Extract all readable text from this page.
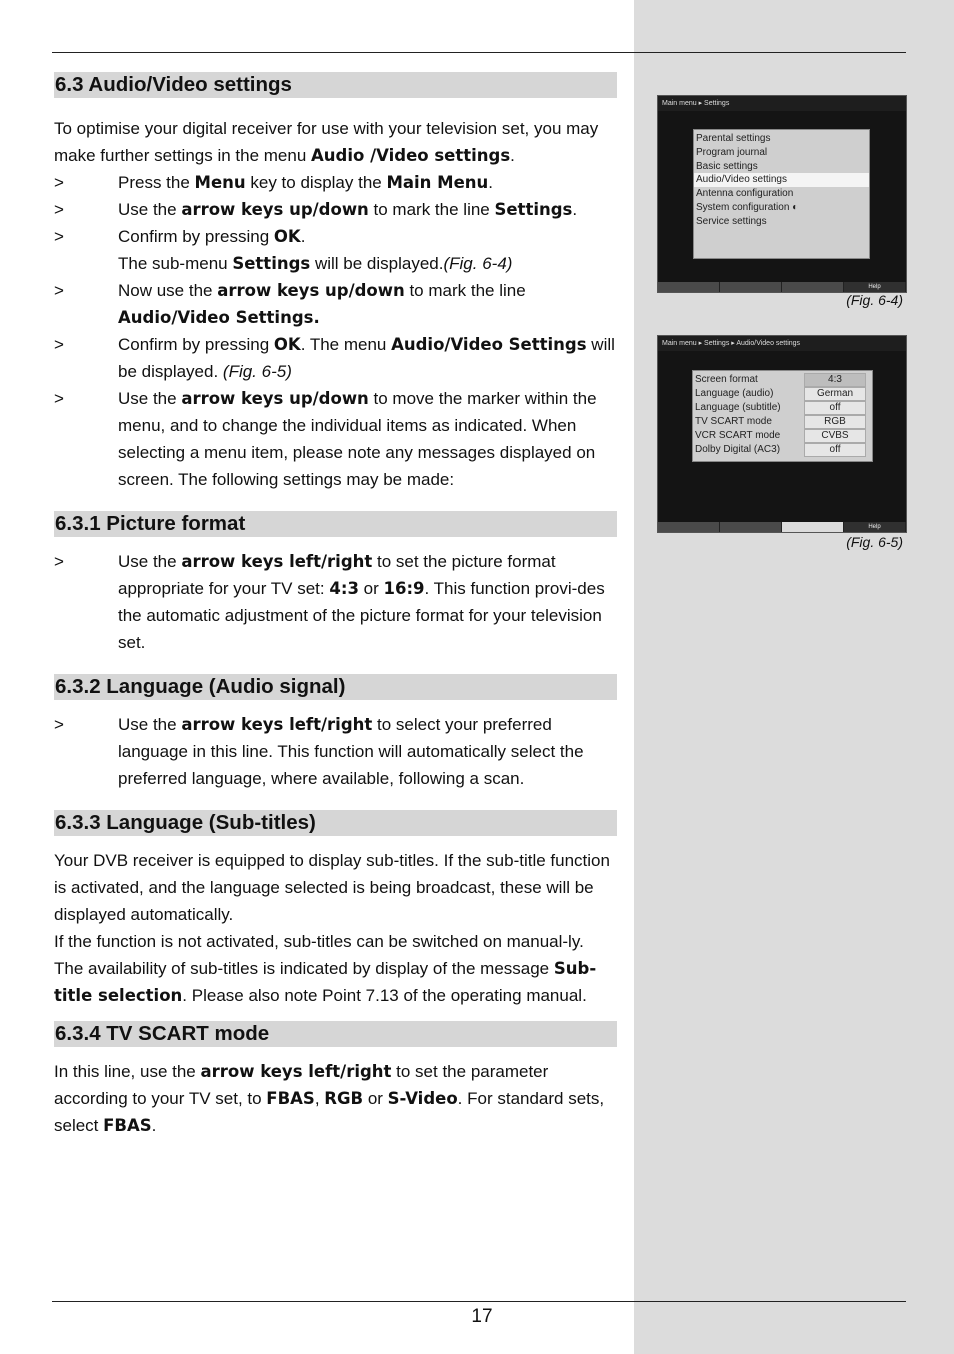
6.3 Audio/Video settings

To optimise your digital receiver for use with your television set, you may make further settings in the menu Audio /Video settings.

>	Press the Menu key to display the Main Menu.
>	Use the arrow keys up/down to mark the line Settings.
>	Confirm by pressing OK.

The sub-menu Settings will be displayed.(Fig. 6-4)

>	Now use the arrow keys up/down to mark the line Audio/Video Settings.
>	Confirm by pressing OK. The menu Audio/Video Settings will be displayed. (Fig. 6-5)
>	Use the arrow keys up/down to move the marker within the menu, and to change the individual items as indicated. When selecting a menu item, please note any messages displayed on screen. The following settings may be made:
6.3.1 Picture format
>	Use the arrow keys left/right to set the picture format appropriate for your TV set: 4:3 or 16:9. This function provi-des the automatic adjustment of the picture format for your television set.
6.3.2 Language (Audio signal)
>	Use the arrow keys left/right to select your preferred language in this line. This function will automatically select the preferred language, where available, following a scan.
6.3.3 Language (Sub-titles)

Your DVB receiver is equipped to display sub-titles. If the sub-title function is activated, and the language selected is being broadcast, these will be displayed automatically.

If the function is not activated, sub-titles can be switched on manual-ly. The availability of sub-titles is indicated by display of the message Sub-title selection. Please also note Point 7.13 of the operating manual.

6.3.4 TV SCART mode

In this line, use the arrow keys left/right to set the parameter according to your TV set, to FBAS, RGB or S-Video. For standard sets, select FBAS.

17
Main menu ▸ Settings
Parental settings
Program journal
Basic settings
Audio/Video settings
Antenna configuration
System configuration ◐
Service settings
Help
(Fig. 6-4)
Main menu ▸ Settings ▸ Audio/Video settings
Screen format	4:3
Language (audio)	German
Language (subtitle)	off
TV SCART mode	RGB
VCR SCART mode	CVBS
Dolby Digital (AC3)	off
Help
(Fig. 6-5)
